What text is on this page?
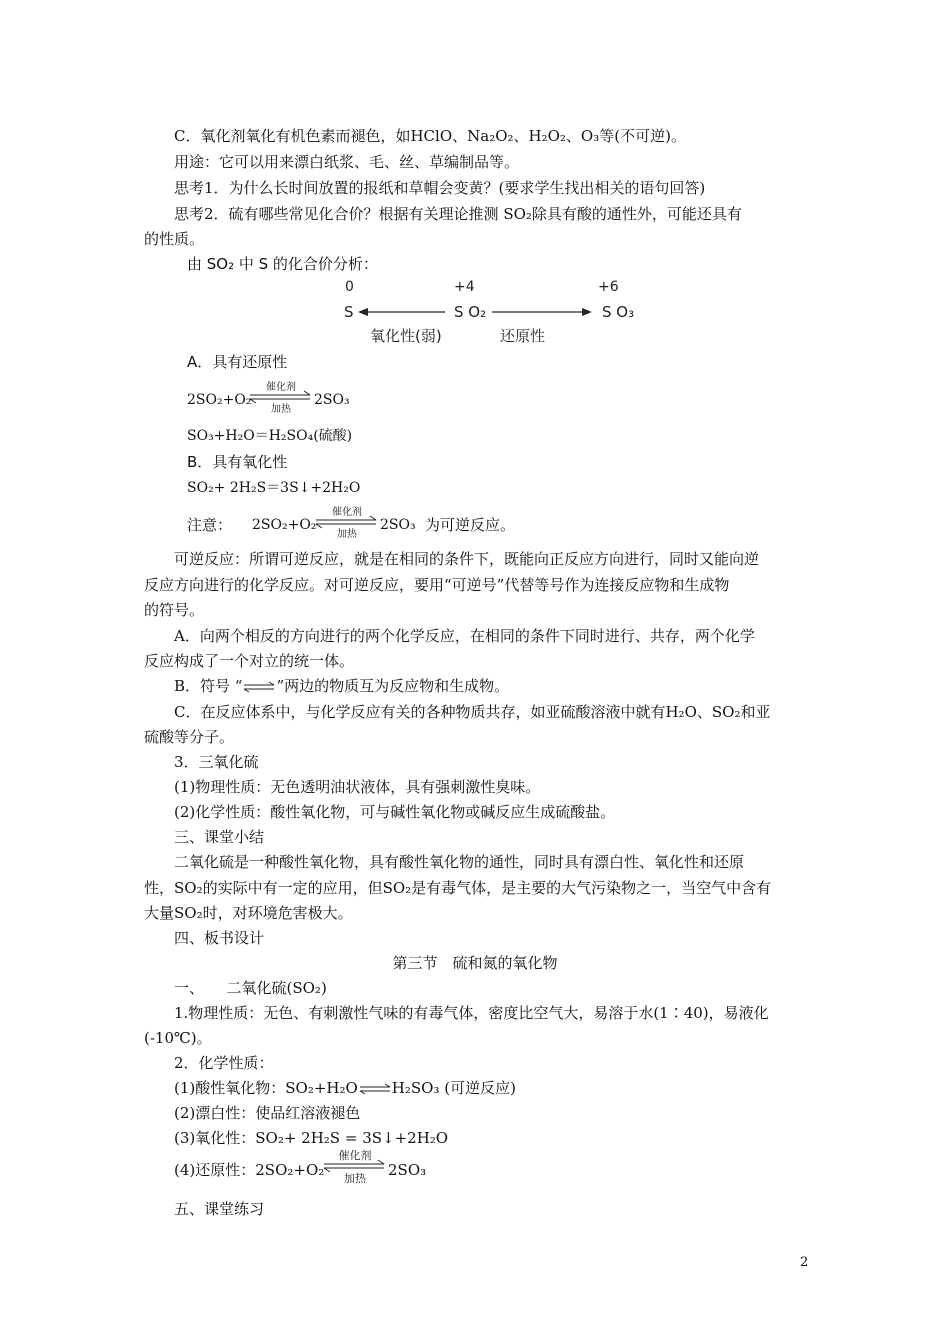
C．氧化剂氧化有机色素而褪色，如HClO、Na₂O₂、H₂O₂、O₃等(不可逆)。
用途：它可以用来漂白纸浆、毛、丝、草编制品等。
思考1．为什么长时间放置的报纸和草帽会变黄？(要求学生找出相关的语句回答)
思考2．硫有哪些常见化合价？根据有关理论推测 SO₂除具有酸的通性外，可能还具有
的性质。
由 SO₂ 中 S 的化合价分析：
0	+4	+6
S	S O₂	S O₃
氧化性(弱)	还原性
A．具有还原性
2SO₂+O₂
催化剂
加热
2SO₃
SO₃+H₂O＝H₂SO₄(硫酸)
B．具有氧化性
SO₂+ 2H₂S＝3S↓+2H₂O
注意： 2SO₂+O₂
催化剂
加热
2SO₃ 为可逆反应。
可逆反应：所谓可逆反应，就是在相同的条件下，既能向正反应方向进行，同时又能向逆
反应方向进行的化学反应。对可逆反应，要用“可逆号”代替等号作为连接反应物和生成物
的符号。
A．向两个相反的方向进行的两个化学反应，在相同的条件下同时进行、共存，两个化学
反应构成了一个对立的统一体。
B．符号 “⇌”两边的物质互为反应物和生成物。
C．在反应体系中，与化学反应有关的各种物质共存，如亚硫酸溶液中就有H₂O、SO₂和亚
硫酸等分子。
3．三氧化硫
(1)物理性质：无色透明油状液体，具有强刺激性臭味。
(2)化学性质：酸性氧化物，可与碱性氧化物或碱反应生成硫酸盐。
三、课堂小结
二氧化硫是一种酸性氧化物，具有酸性氧化物的通性，同时具有漂白性、氧化性和还原
性，SO₂的实际中有一定的应用，但SO₂是有毒气体，是主要的大气污染物之一，当空气中含有
大量SO₂时，对环境危害极大。
四、板书设计
第三节　硫和氮的氧化物
一、　　二氧化硫(SO₂)
1.物理性质：无色、有刺激性气味的有毒气体，密度比空气大，易溶于水(1∶40)，易液化
(-10℃)。
2．化学性质：
(1)酸性氧化物：SO₂+H₂O⇌H₂SO₃ (可逆反应)
(2)漂白性：使品红溶液褪色
(3)氧化性：SO₂+ 2H₂S = 3S↓+2H₂O
(4)还原性：2SO₂+O₂
催化剂
加热 2SO₃
五、课堂练习
2
